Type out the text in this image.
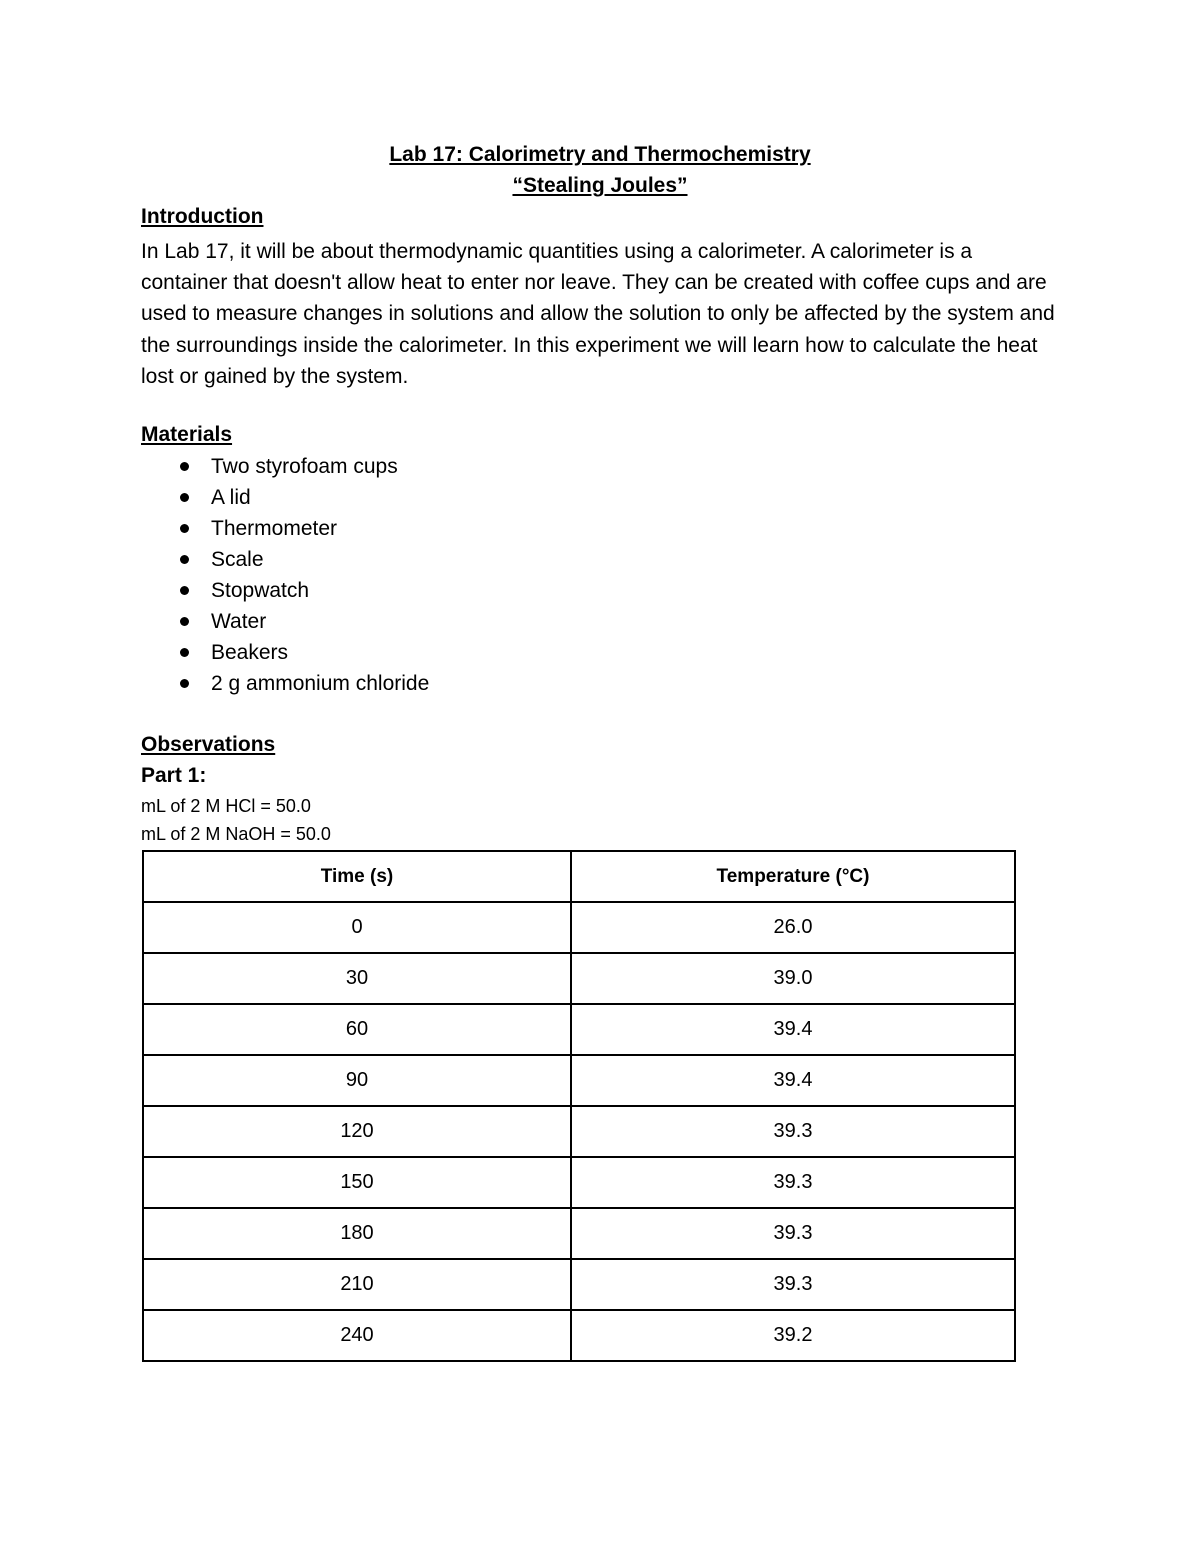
Lab 17: Calorimetry and Thermochemistry
“Stealing Joules”
Introduction
In Lab 17, it will be about thermodynamic quantities using a calorimeter. A calorimeter is a container that doesn't allow heat to enter nor leave. They can be created with coffee cups and are used to measure changes in solutions and allow the solution to only be affected by the system and the surroundings inside the calorimeter. In this experiment we will learn how to calculate the heat lost or gained by the system.
Materials
Two styrofoam cups
A lid
Thermometer
Scale
Stopwatch
Water
Beakers
2 g ammonium chloride
Observations
Part 1:
mL of 2 M HCl = 50.0
mL of 2 M NaOH = 50.0
Time (s)	Temperature (°C)
0	26.0
30	39.0
60	39.4
90	39.4
120	39.3
150	39.3
180	39.3
210	39.3
240	39.2
